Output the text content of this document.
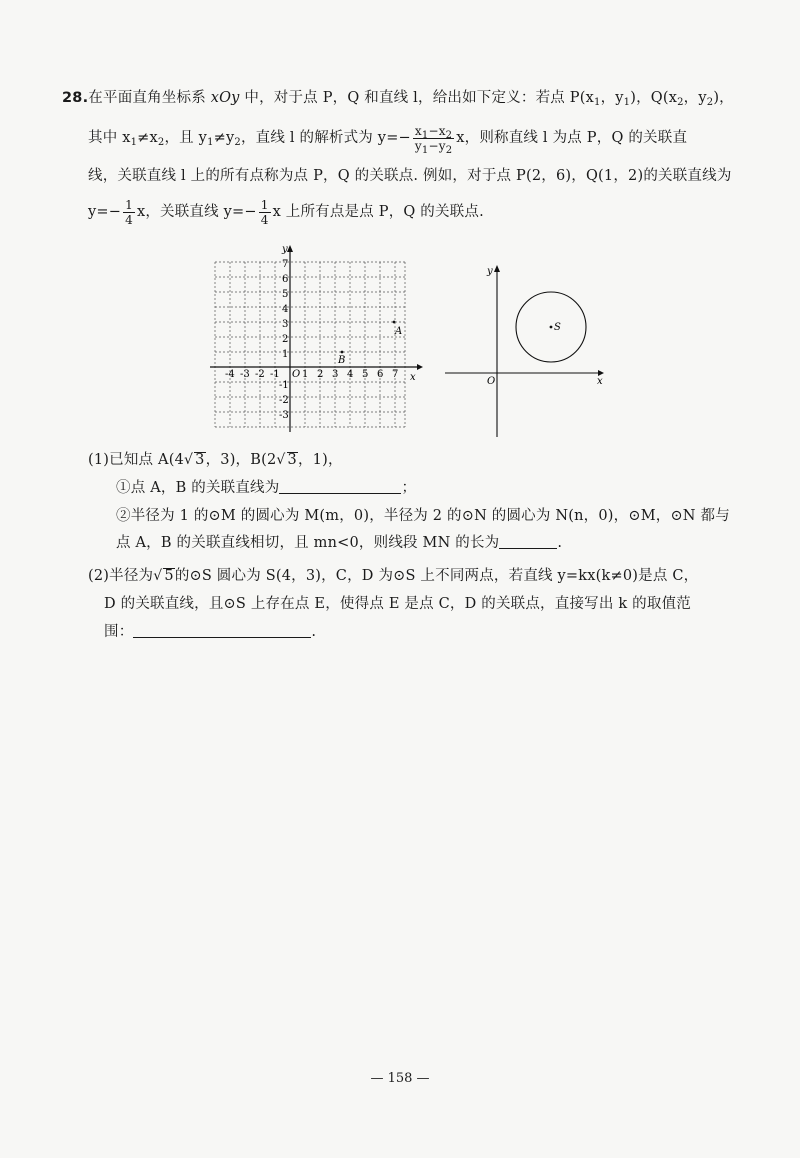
28.在平面直角坐标系 xOy 中，对于点 P，Q 和直线 l，给出如下定义：若点 $P(x_1$，$y_1$)，$Q(x_2$，$y_2$)，
其中 $x_1\ne x_2$，且 $y_1\ne y_2$，直线 l 的解析式为 $y=- \frac{x_1-x_2}{y_1-y_2}$ x，则称直线 l 为点 P，Q 的关联直
线，关联直线 l 上的所有点称为点 P，Q 的关联点. 例如，对于点 P(2，6)，Q(1，2)的关联直线为
$y=- \frac{1}{4}$ x，关联直线 $y=- \frac{1}{4}$ x 上所有点是点 P，Q 的关联点.
y
x
O
-4 -3 -2 -1 1 2 3 4 5 6 7
7
6
5
4
3
2
1
-1
-2
-3
A
B
y
x
O
S
(1)已知点 A(4√ 3，3)，B(2√ 3，1)，
①点 A，B 的关联直线为	；
②半径为 1 的⊙M 的圆心为 M(m，0)，半径为 2 的⊙N 的圆心为 N(n，0)，⊙M，⊙N 都与
点 A，B 的关联直线相切，且 mn<0，则线段 MN 的长为	.
(2)半径为√ 5的⊙S 圆心为 S(4，3)，C，D 为⊙S 上不同两点，若直线 y=kx(k≠0)是点 C，
D 的关联直线，且⊙S 上存在点 E，使得点 E 是点 C，D 的关联点，直接写出 k 的取值范
围：	.
— 158 —
